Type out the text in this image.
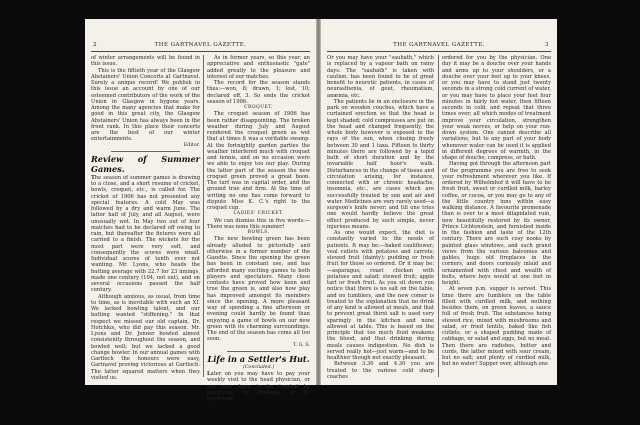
2	THE GARTNAVEL GAZETTE.

of winter arrangements will be found in this issue.

This is the fiftieth year of the Glasgow Abstainers' Union Concerts at Gartnavel. Surely a unique record! We publish in this issue an account by one of our esteemed contributors of the work of the Union in Glasgow in bygone years. Among the many agencies that make for good in this great city, the Glasgow Abstainers' Union has always been in the front rank. In this place their concerts are the best of our winter entertainments.

Editor.

Review of Summer Games.

The season of summer games is drawing to a close, and a short resume of cricket, bowls, croquet, etc., is called for. The cricket of 1906 has not presented any special features. A cold May was followed by a dry and warm June. The latter half of July, and all August, were unusually wet. In May two out of four matches had to be declared off owing to rain, but thereafter the fixtures were all carried to a finish. The wickets for the most part were very soft, and consequently the scores were small. Individual scores of tenth over not wanting. Mr. Lyons, who heads the batting average with 22.7 for 23 innings, made one century (104, not out), and on several occasions passed the half century.

Although anxious, as usual, from time to time, as is inevitable with such an XI. We lacked bowling talent, and our batting wanted "stiffening." In that respect we missed our old captain, Dr. Hotchkis, who did pay this season. Mr. Lyons and Dr. Jenner bowled almost consistently throughout the season, and bowled well; but we lacked a good change bowler. In our annual games with Gartloch the honours were easy, Gartnavel proving victorious at Gartloch. The latter squared matters when they visited us.

As in former years, so this year, an appreciative and enthusiastic "gate" added greatly to the pleasure and interest of our matches.

The record for the season stands thus:—won, 8; drawn, 1; lost, 10; declared off, 3. So ends the cricket season of 1906.

CROQUET.

The croquet season of 1906 has been rather disappointing. The broken weather during July and August rendered the croquet green as wet that at times it was a veritable swamp. At the fortnightly garden parties the weather interfered much with croquet and tennis, and on no occasion were we able to enjoy too our play. During the latter part of the season the new croquet green proved a great boon. The turf was in capital order, and the ground true and firm. At the time of writing no one has come forward to dispute Miss K. C.'s right to the croquet cup.

LADIES' CRICKET.

We can dismiss this in five words:—There was none this summer!

BOWLS.

The new bowling green has been already alluded to pictorially and otherwise in a former number of the Gazette. Since the opening the green has been in constant use, and has afforded many exciting games to both players and spectators. Many close contests have proved how keen and true the green is, and also how play has improved amongst its members since the opening. A more pleasant way of spending a fine afternoon or evening could hardly be found than enjoying a game of bowls on our new green with its charming surroundings. The end of the season has come all too soon.

T. G. S.

Life in a Settler's Hut.

(Concluded.)

Later on you may have to pay your weekly visit to the head physician, or you may have to be treated by electricity, by massage, or by hypnotism.

THE GARTNAVEL GAZETTE.	3

Or you may have your "sauhath," which is replaced by a vapour bath on rainy days. The "sauhath" is taken with caution, has been found to be of great benefit to neurotic patients, in cases of neurasthenia, of gout, rheumatism, anæmia, etc.

The patients lie in an enclosure in the park on wooden couches, which have a curtained erection so that the head is kept shaded; cold compresses are put on the head and changed frequently, the whole body however is exposed to the rays of the sun, when closing freely between 30 and 1 taxa. Fifteen to thirty minutes there are followed by a tepid bath of short duration and by the invariable half hour's walk. Disturbances in the change of tissue and circulation arising, for instance, connected with or chronic headache, insomnia, etc., are cases which are successfully treated by sun and air and water. Medicines are very rarely used—a surgeon's knife never; and till one tries one would hardly believe the great effect produced by such simple, never injurious means.

As one would expect, the diet is constantly varied to the needs of patients. It may be:—baked cauliflower; veal cutlets with potatoes and carrots; stewed fruit (dainty); pudding or fresh fruit for those so ordered. Or it may be:—asparagus; roast chicken with potatoes and salad; stewed fruit; apple tart or fresh fruit. As you sit down you notice that there is no salt on the table, and no tumblers, and the new comer is treated to the explanation that no drink of any kind is allowed at meals, and that to prevent great thirst salt is used very sparingly in the kitchen and none allowed at table. This is based on the principle that too much fluid weakens the blood, and that drinking during meals causes indigestion. No dish is served really hot—just warm—and to be healthier though not exactly pleasant.

Between 3.30 and 4.30 you are treated to the various cold sharp coaches

ordered for you by the physician. One day it may be a douche over your hands and arms up to your shoulders, or a douche over your feet up to your knees, or you may have to stand just twenty seconds in a strong cold current of water, or you may have to place your feet four minutes in fairly hot water, then fifteen seconds in cold, and repeat that three times over; all which modes of treatment improve your circulation, strengthen your weak nerves, or help on your run-down system. One cannot describe all variations, but to any part of your body whenever water can be used it is applied in different degrees of warmth, in the shape of douche, compress, or bath.

Having got through the afternoon part of the programme you are free to seek your refreshment wherever you like. If ordered by Wilhelmhof it will have to be fresh fruit, sweet or curdled milk, barley coffee, or cocoa, or you may go to any of the little country inns within easy walking distance. A favourite promenade than is over to a most dilapidated ruin, now beautifully restored by its owner, Prince Lichtenstein, and furnished inside in the fashion and taste of the 12th century. There are such cosy nooks by painted glass windows, and such grand views from the various balconies and gables, huge old fireplaces in the corners, and doors curiously inlaid and ornamented with chest and wealth of bolts, where boys would at one feet in height.

At seven p.m. supper is served. This time there are tumblers on the table filled with curdled milk, and nothing besides them, on green leaves, a sauce full of fresh fruit. The substances being stewed rice, mixed with mushrooms and salad, or fried lentils, baked like fish cutlets, or a shaped pudding made of cabbage, or salad and eggs, but no meat. Then there are radishes, butter and curds, the latter mixed with sour cream, but no salt; and plenty of curdled milk, but no water! Supper over, although one
